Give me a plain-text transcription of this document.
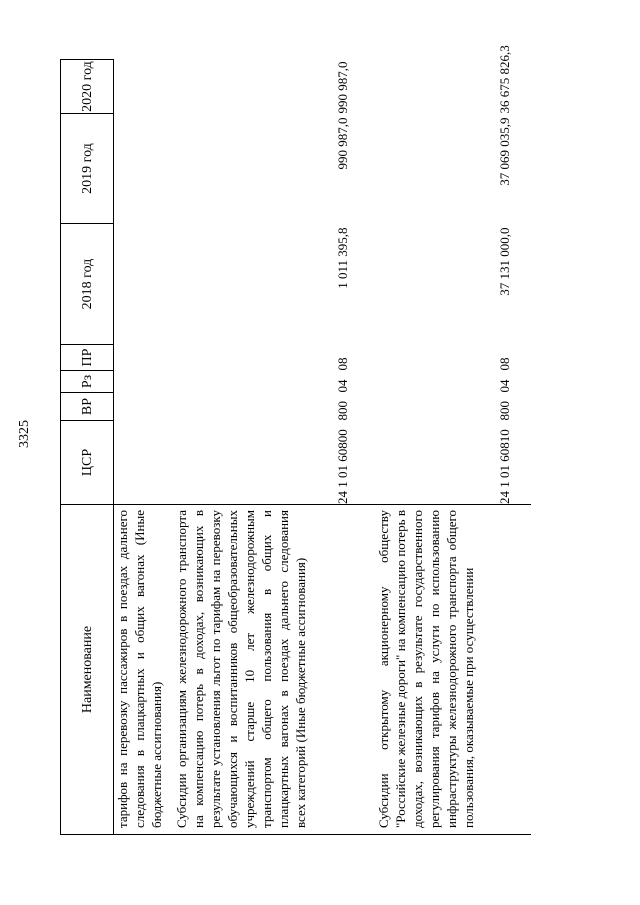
3325
Наименование	ЦСР	ВР	Рз	ПР	2018 год	2019 год	2020 год
тарифов на перевозку пассажиров в поездах дальнего следования в плацкартных и общих вагонах (Иные бюджетные ассигнования)							
Субсидии организациям железнодорожного транспорта на компенсацию потерь в доходах, возникающих в результате установления льгот по тарифам на перевозку обучающихся и воспитанников общеобразовательных учреждений старше 10 лет железнодорожным транспортом общего пользования в общих и плацкартных вагонах в поездах дальнего следования всех категорий (Иные бюджетные ассигнования)	24 1 01 60800	800	04	08	1 011 395,8	990 987,0	990 987,0
Субсидии открытому акционерному обществу "Российские железные дороги" на компенсацию потерь в доходах, возникающих в результате государственного регулирования тарифов на услуги по использованию инфраструктуры железнодорожного транспорта общего пользования, оказываемые при осуществлении	24 1 01 60810	800	04	08	37 131 000,0	37 069 035,9	36 675 826,3
